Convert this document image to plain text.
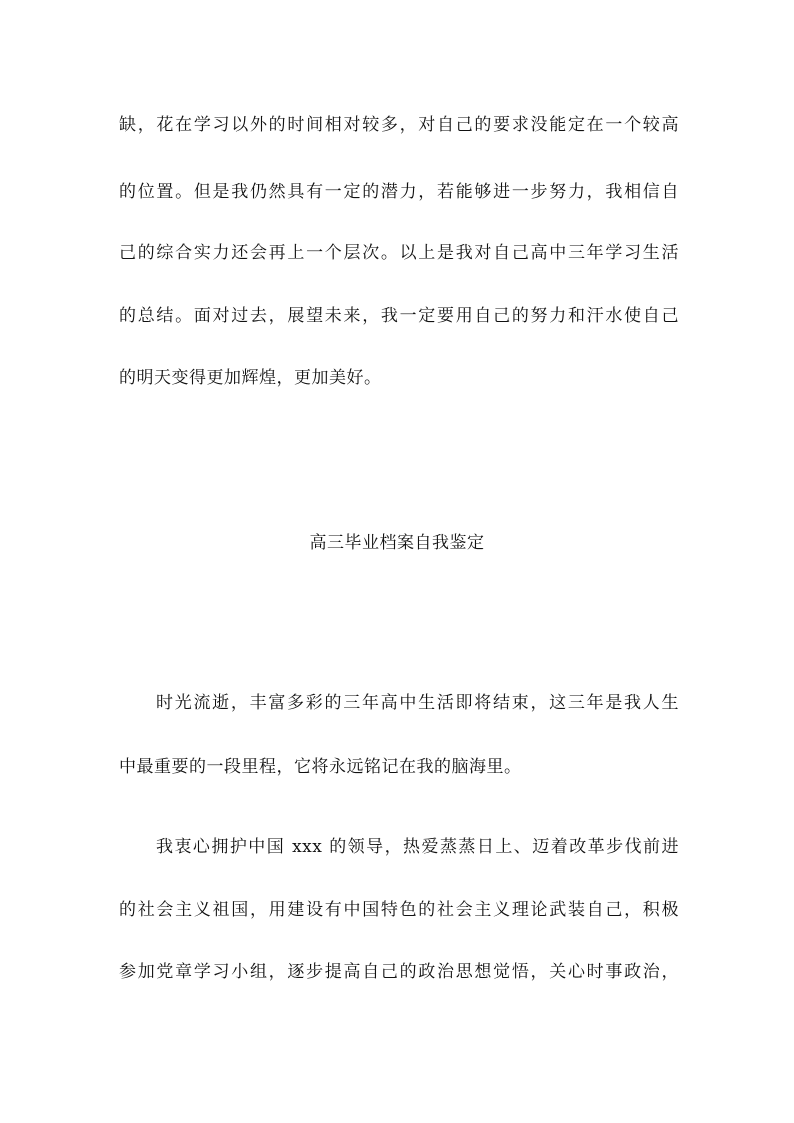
缺，花在学习以外的时间相对较多，对自己的要求没能定在一个较高
的位置。但是我仍然具有一定的潜力，若能够进一步努力，我相信自
己的综合实力还会再上一个层次。以上是我对自己高中三年学习生活
的总结。面对过去，展望未来，我一定要用自己的努力和汗水使自己
的明天变得更加辉煌，更加美好。
高三毕业档案自我鉴定
时光流逝，丰富多彩的三年高中生活即将结束，这三年是我人生
中最重要的一段里程，它将永远铭记在我的脑海里。
我衷心拥护中国 xxx 的领导，热爱蒸蒸日上、迈着改革步伐前进
的社会主义祖国，用建设有中国特色的社会主义理论武装自己，积极
参加党章学习小组，逐步提高自己的政治思想觉悟，关心时事政治，
